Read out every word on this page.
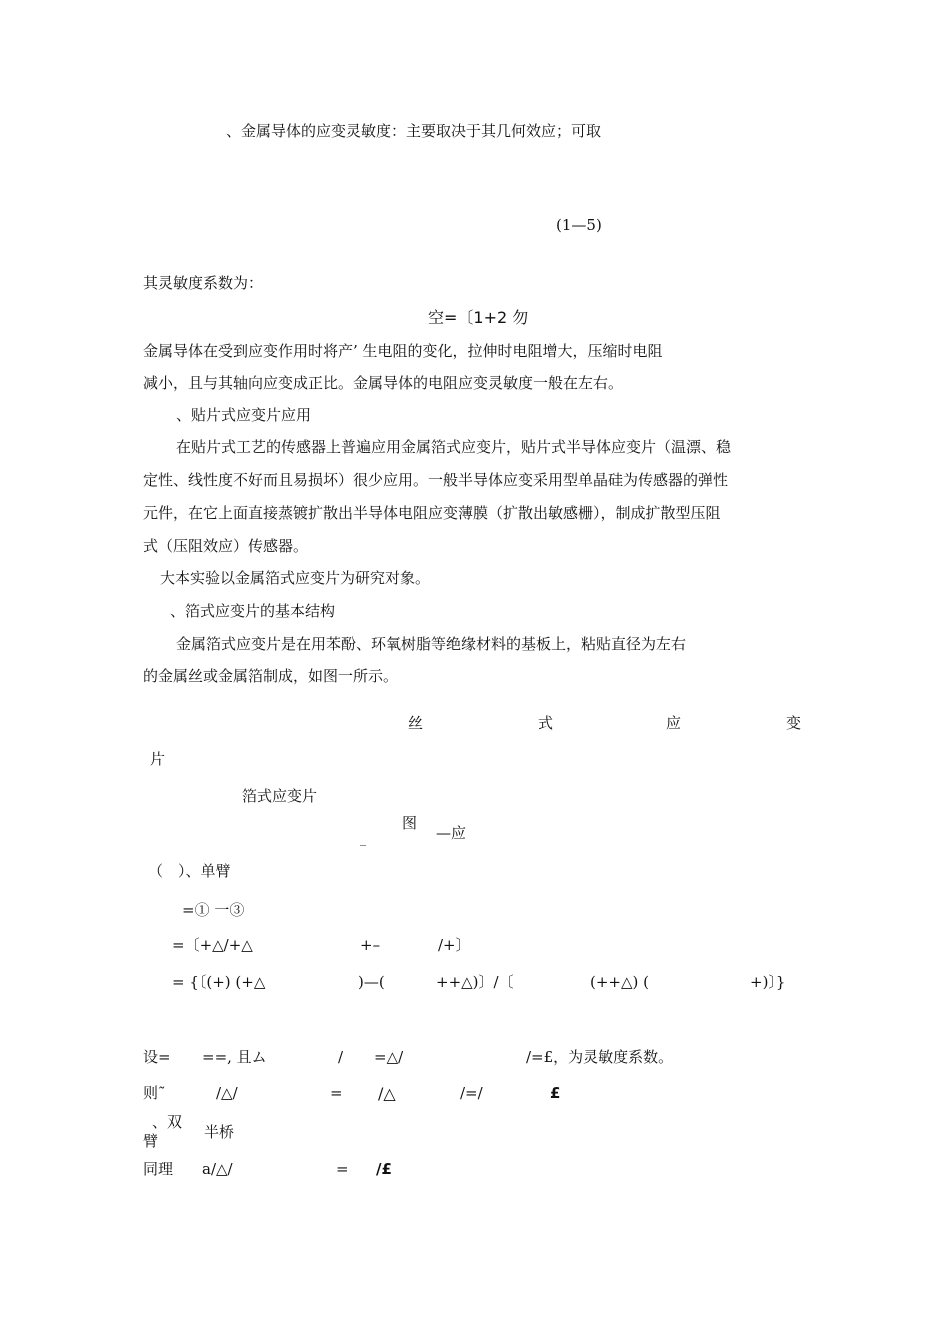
、金属导体的应变灵敏度：主要取决于其几何效应；可取
(1—5)
其灵敏度系数为：
空=〔1+2 勿
金属导体在受到应变作用时将产’ 生电阻的变化，拉伸时电阻增大，压缩时电阻
减小，且与其轴向应变成正比。金属导体的电阻应变灵敏度一般在左右。
、贴片式应变片应用
在贴片式工艺的传感器上普遍应用金属箔式应变片，贴片式半导体应变片（温漂、稳
定性、线性度不好而且易损坏）很少应用。一般半导体应变采用型单晶硅为传感器的弹性
元件，在它上面直接蒸镀扩散出半导体电阻应变薄膜（扩散出敏感栅），制成扩散型压阻
式（压阻效应）传感器。
大本实验以金属箔式应变片为研究对象。
、箔式应变片的基本结构
金属箔式应变片是在用苯酚、环氧树脂等绝缘材料的基板上，粘贴直径为左右
的金属丝或金属箔制成，如图一所示。
丝	式	应	变
片
箔式应变片
_
图
—应
（　）、单臂
=① 一③
=〔+△/+△	+–	/+〕
= {〔(+) (+△	)—(	++△)〕/〔	(++△) (	+)〕}
设= ==, 且ム	/ =△/	/=£，为灵敏度系数。
则˜	/△/	= /△	/=/	£
、双
臂	半桥
同理 a/△/	= /£
